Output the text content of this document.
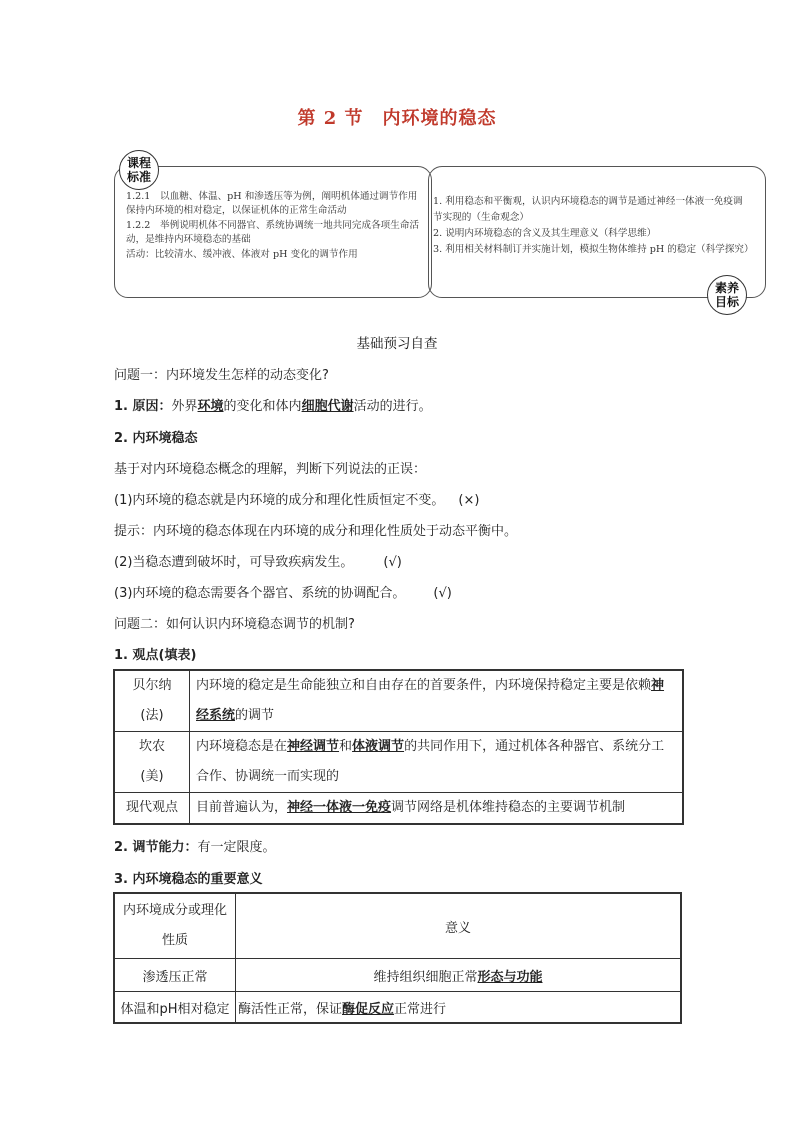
第 2 节　内环境的稳态
课程标准
素养目标

1.2.1　以血糖、体温、pH 和渗透压等为例，阐明机体通过调节作用保持内环境的相对稳定，以保证机体的正常生命活动

1.2.2　举例说明机体不同器官、系统协调统一地共同完成各项生命活动，是维持内环境稳态的基础

活动：比较清水、缓冲液、体液对 pH 变化的调节作用

1. 利用稳态和平衡观，认识内环境稳态的调节是通过神经一体液一免疫调节实现的（生命观念）

2. 说明内环境稳态的含义及其生理意义（科学思维）

3. 利用相关材料制订并实施计划，模拟生物体维持 pH 的稳定（科学探究）

基础预习自查
问题一：内环境发生怎样的动态变化?
1. 原因：外界环境的变化和体内细胞代谢活动的进行。
2. 内环境稳态
基于对内环境稳态概念的理解，判断下列说法的正误：
(1)内环境的稳态就是内环境的成分和理化性质恒定不变。 (×)
提示：内环境的稳态体现在内环境的成分和理化性质处于动态平衡中。
(2)当稳态遭到破坏时，可导致疾病发生。 (√)
(3)内环境的稳态需要各个器官、系统的协调配合。 (√)
问题二：如何认识内环境稳态调节的机制?
1. 观点(填表)
贝尔纳
(法)	内环境的稳定是生命能独立和自由存在的首要条件，内环境保持稳定主要是依赖神经系统的调节

坎农
(美)	内环境稳态是在神经调节和体液调节的共同作用下，通过机体各种器官、系统分工合作、协调统一而实现的

现代观点	目前普遍认为，神经一体液一免疫调节网络是机体维持稳态的主要调节机制
2. 调节能力：有一定限度。
3. 内环境稳态的重要意义
内环境成分或理化性质	意义
渗透压正常	维持组织细胞正常形态与功能
体温和pH相对稳定	酶活性正常，保证酶促反应正常进行
